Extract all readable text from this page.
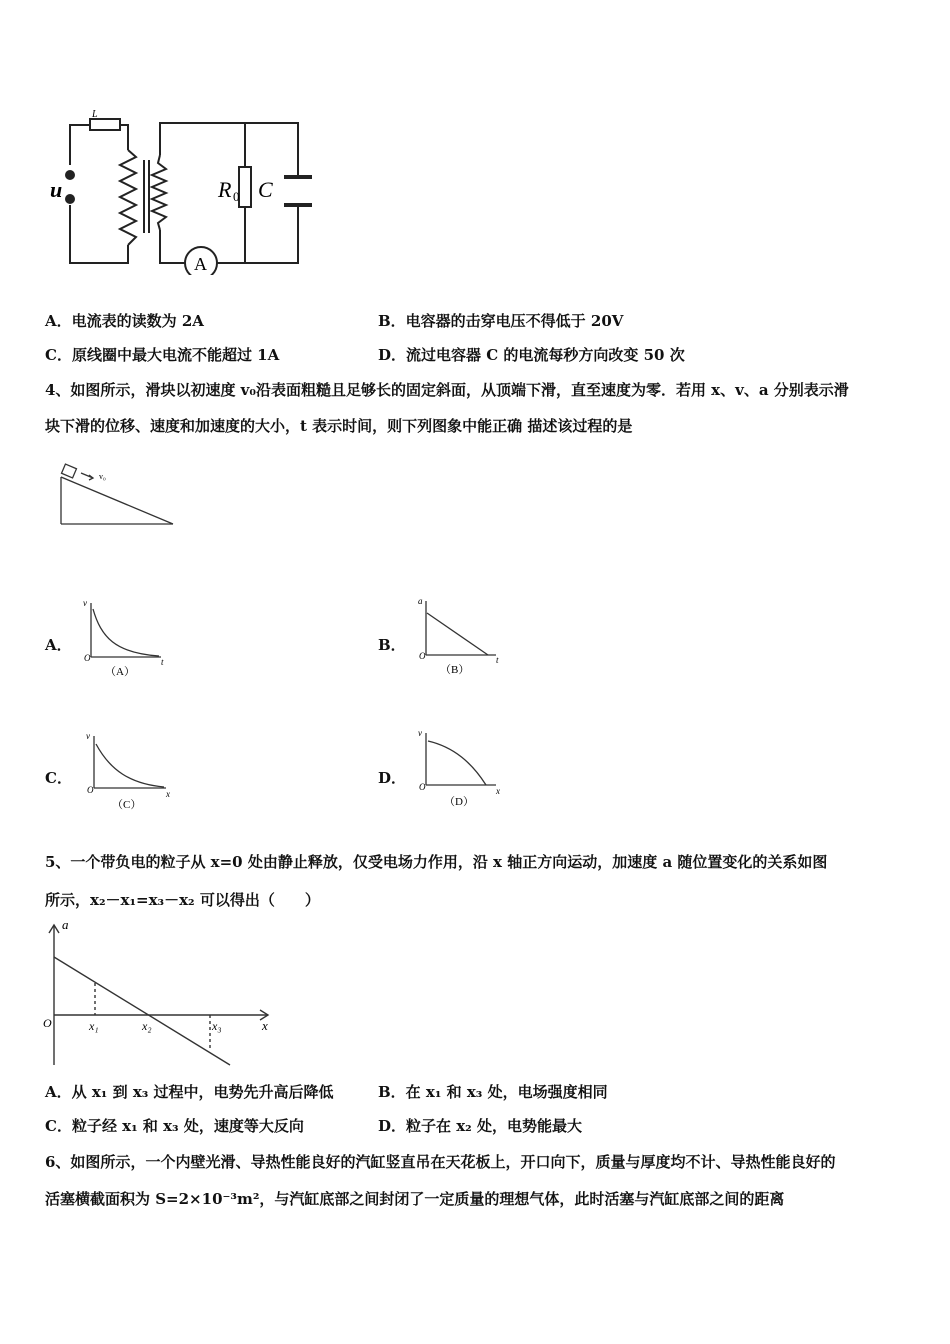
L
u	R 0 C
A
A．电流表的读数为 2A	B．电容器的击穿电压不得低于 20V
C．原线圈中最大电流不能超过 1A	D．流过电容器 C 的电流每秒方向改变 50 次
4、如图所示，滑块以初速度 v₀沿表面粗糙且足够长的固定斜面，从顶端下滑，直至速度为零．若用 x、v、a 分别表示滑
块下滑的位移、速度和加速度的大小，t 表示时间，则下列图象中能正确 描述该过程的是
v₀
A．	B．
C．	D．
v
t
O
（A）
a
t
O
（B）
v
x
O
（C）
v
x
O
（D）
5、一个带负电的粒子从 x=0 处由静止释放，仅受电场力作用，沿 x 轴正方向运动，加速度 a 随位置变化的关系如图
所示，x₂－x₁=x₃－x₂ 可以得出（　　）
a
x
O	x₁	x₂	x₃
A．从 x₁ 到 x₃ 过程中，电势先升高后降低	B．在 x₁ 和 x₃ 处，电场强度相同
C．粒子经 x₁ 和 x₃ 处，速度等大反向	D．粒子在 x₂ 处，电势能最大
6、如图所示，一个内壁光滑、导热性能良好的汽缸竖直吊在天花板上，开口向下，质量与厚度均不计、导热性能良好的
活塞横截面积为 S=2×10⁻³m²，与汽缸底部之间封闭了一定质量的理想气体，此时活塞与汽缸底部之间的距离
